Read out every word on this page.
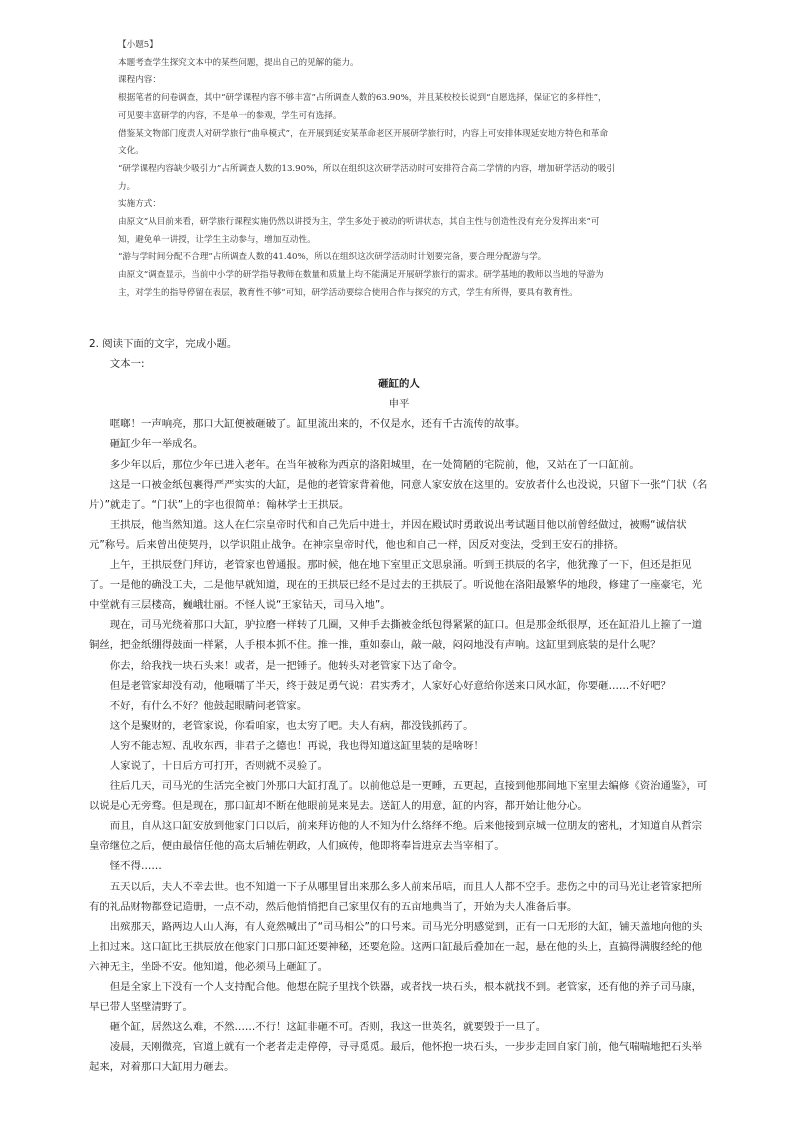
【小题5】

本题考查学生探究文本中的某些问题，提出自己的见解的能力。

课程内容：

根据笔者的问卷调查，其中“研学课程内容不够丰富”占所调查人数的63.90%，并且某校校长说到“自愿选择，保证它的多样性”，

可见要丰富研学的内容，不是单一的参观，学生可有选择。

借鉴某文物部门度责人对研学旅行“曲阜模式”，在开展到延安某革命老区开展研学旅行时，内容上可安排体现延安地方特色和革命

文化。

“研学课程内容缺少吸引力”占所调查人数的13.90%，所以在组织这次研学活动时可安排符合高二学情的内容，增加研学活动的吸引

力。

实施方式：

由原文“从目前来看，研学旅行课程实施仍然以讲授为主，学生多处于被动的听讲状态，其自主性与创造性没有充分发挥出来”可

知，避免单一讲授，让学生主动参与，增加互动性。

“游与学时间分配不合理”占所调查人数的41.40%，所以在组织这次研学活动时计划要完备，要合理分配游与学。

由原文“调查显示，当前中小学的研学指导教师在数量和质量上均不能满足开展研学旅行的需求。研学基地的教师以当地的导游为

主，对学生的指导停留在表层，教育性不够”可知，研学活动要综合使用合作与探究的方式，学生有所得，要具有教育性。

2. 阅读下面的文字，完成小题。

文本一:

砸缸的人

申平

哐啷！一声响亮，那口大缸便被砸破了。缸里流出来的，不仅是水，还有千古流传的故事。

砸缸少年一举成名。

多少年以后，那位少年已进入老年。在当年被称为西京的洛阳城里，在一处简陋的宅院前，他，又站在了一口缸前。

这是一口被金纸包裹得严严实实的大缸，是他的老管家背着他，同意人家安放在这里的。安放者什么也没说，只留下一张“门状（名片）”就走了。“门状”上的字也很简单：翰林学士王拱辰。

王拱辰，他当然知道。这人在仁宗皇帝时代和自己先后中进士，并因在殿试时勇敢说出考试题目他以前曾经做过，被赐“诚信状元”称号。后来曾出使契丹，以学识阻止战争。在神宗皇帝时代，他也和自己一样，因反对变法，受到王安石的排挤。

上午，王拱辰登门拜访，老管家也曾通报。那时候，他在地下室里正文思泉涌。听到王拱辰的名字，他犹豫了一下，但还是拒见了。一是他的确没工夫，二是他早就知道，现在的王拱辰已经不是过去的王拱辰了。听说他在洛阳最繁华的地段，修建了一座豪宅，光中堂就有三层楼高，巍峨壮丽。不怪人说“王家钻天，司马入地”。

现在，司马光绕着那口大缸，驴拉磨一样转了几圈，又伸手去撕被金纸包得紧紧的缸口。但是那金纸很厚，还在缸沿儿上箍了一道铜丝，把金纸绷得鼓面一样紧，人手根本抓不住。推一推，重如泰山，敲一敲，闷闷地没有声响。这缸里到底装的是什么呢？

你去，给我找一块石头来！或者，是一把锤子。他转头对老管家下达了命令。

但是老管家却没有动，他嗫嚅了半天，终于鼓足勇气说：君实秀才，人家好心好意给你送来口风水缸，你要砸……不好吧？

不好，有什么不好？他鼓起眼睛问老管家。

这个是聚财的，老管家说，你看咱家，也太穷了吧。夫人有病，都没钱抓药了。

人穷不能志短、乱收东西，非君子之德也！再说，我也得知道这缸里装的是啥呀！

人家说了，十日后方可打开，否则就不灵验了。

往后几天，司马光的生活完全被门外那口大缸打乱了。以前他总是一更睡，五更起，直接到他那间地下室里去编修《资治通鉴》，可以说是心无旁骛。但是现在，那口缸却不断在他眼前晃来晃去。送缸人的用意，缸的内容，都开始让他分心。

而且，自从这口缸安放到他家门口以后，前来拜访他的人不知为什么络绎不绝。后来他接到京城一位朋友的密札，才知道自从哲宗皇帝继位之后，便由最信任他的高太后辅佐朝政，人们疯传，他即将奉旨进京去当宰相了。

怪不得……

五天以后，夫人不幸去世。也不知道一下子从哪里冒出来那么多人前来吊唁，而且人人都不空手。悲伤之中的司马光让老管家把所有的礼品财物都登记造册，一点不动，然后他悄悄把自己家里仅有的五亩地典当了，开始为夫人准备后事。

出殡那天，路两边人山人海，有人竟然喊出了“司马相公”的口号来。司马光分明感觉到，正有一口无形的大缸，铺天盖地向他的头上扣过来。这口缸比王拱辰放在他家门口那口缸还要神秘，还要危险。这两口缸最后叠加在一起，悬在他的头上，直搞得满腹经纶的他六神无主，坐卧不安。他知道，他必须马上砸缸了。

但是全家上下没有一个人支持配合他。他想在院子里找个铁器，或者找一块石头，根本就找不到。老管家，还有他的养子司马康，早已带人坚壁清野了。

砸个缸，居然这么难，不然……不行！这缸非砸不可。否则，我这一世英名，就要毁于一旦了。

凌晨，天刚微亮，官道上就有一个老者走走停停，寻寻觅觅。最后，他怀抱一块石头，一步步走回自家门前，他气喘喘地把石头举起来，对着那口大缸用力砸去。
